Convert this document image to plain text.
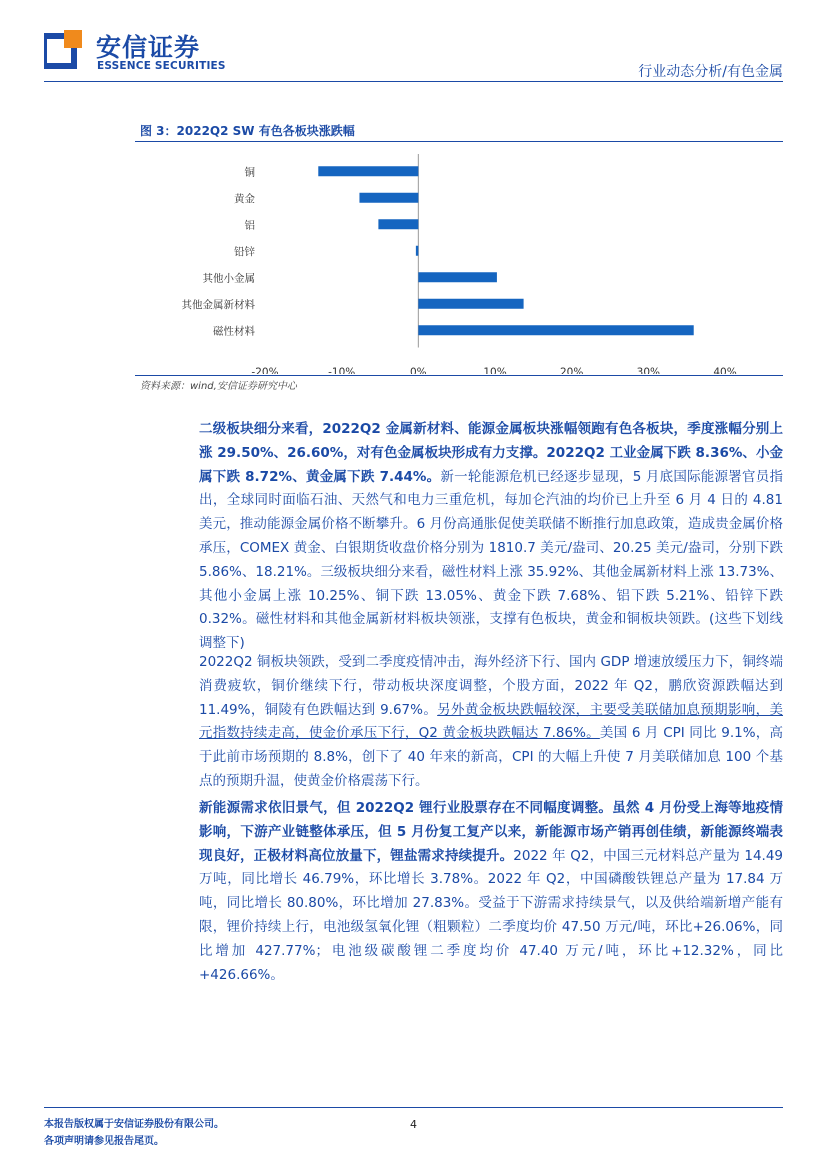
安信证券
ESSENCE SECURITIES	行业动态分析/有色金属
图 3：2022Q2 SW 有色各板块涨跌幅
铜
黄金
铝
铅锌
其他小金属
其他金属新材料
磁性材料
-20%	-10%	0%	10%	20%	30%	40%
资料来源：wind,安信证券研究中心
二级板块细分来看，2022Q2 金属新材料、能源金属板块涨幅领跑有色各板块，季度涨幅分别上涨 29.50%、26.60%，对有色金属板块形成有力支撑。2022Q2 工业金属下跌 8.36%、小金属下跌 8.72%、黄金属下跌 7.44%。新一轮能源危机已经逐步显现，5 月底国际能源署官员指出，全球同时面临石油、天然气和电力三重危机，每加仑汽油的均价已上升至 6 月 4 日的 4.81 美元，推动能源金属价格不断攀升。6 月份高通胀促使美联储不断推行加息政策，造成贵金属价格承压，COMEX 黄金、白银期货收盘价格分别为 1810.7 美元/盎司、20.25 美元/盎司，分别下跌 5.86%、18.21%。三级板块细分来看，磁性材料上涨 35.92%、其他金属新材料上涨 13.73%、其他小金属上涨 10.25%、铜下跌 13.05%、黄金下跌 7.68%、铝下跌 5.21%、铅锌下跌 0.32%。磁性材料和其他金属新材料板块领涨，支撑有色板块，黄金和铜板块领跌。(这些下划线调整下)
2022Q2 铜板块领跌，受到二季度疫情冲击，海外经济下行、国内 GDP 增速放缓压力下，铜终端消费疲软，铜价继续下行，带动板块深度调整，个股方面，2022 年 Q2，鹏欣资源跌幅达到 11.49%，铜陵有色跌幅达到 9.67%。另外黄金板块跌幅较深，主要受美联储加息预期影响，美元指数持续走高，使金价承压下行，Q2 黄金板块跌幅达 7.86%。美国 6 月 CPI 同比 9.1%，高于此前市场预期的 8.8%，创下了 40 年来的新高，CPI 的大幅上升使 7 月美联储加息 100 个基点的预期升温，使黄金价格震荡下行。
新能源需求依旧景气，但 2022Q2 锂行业股票存在不同幅度调整。虽然 4 月份受上海等地疫情影响，下游产业链整体承压，但 5 月份复工复产以来，新能源市场产销再创佳绩，新能源终端表现良好，正极材料高位放量下，锂盐需求持续提升。2022 年 Q2，中国三元材料总产量为 14.49 万吨，同比增长 46.79%，环比增长 3.78%。2022 年 Q2，中国磷酸铁锂总产量为 17.84 万吨，同比增长 80.80%，环比增加 27.83%。受益于下游需求持续景气，以及供给端新增产能有限，锂价持续上行，电池级氢氧化锂（粗颗粒）二季度均价 47.50 万元/吨，环比+26.06%，同比增加 427.77%；电池级碳酸锂二季度均价 47.40 万元/吨，环比+12.32%，同比+426.66%。
本报告版权属于安信证券股份有限公司。
各项声明请参见报告尾页。
4
